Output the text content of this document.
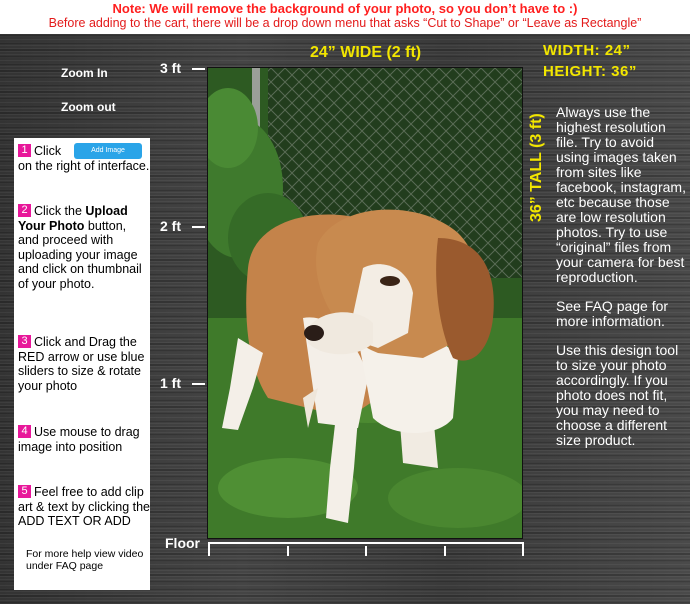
Note: We will remove the background of your photo, so you don’t have to :)
Before adding to the cart, there will be a drop down menu that asks “Cut to Shape” or “Leave as Rectangle”
Zoom In
Zoom out
3 ft
2 ft
1 ft
Floor
24” WIDE (2 ft)	WIDTH: 24”
HEIGHT: 36”
36” TALL (3 ft)

Always use the highest resolution file. Try to avoid using images taken from sites like facebook, instagram, etc because those are low resolution photos. Try to use “original” files from your camera for best reproduction.

See FAQ page for more information.

Use this design tool to size your photo accordingly. If you photo does not fit, you may need to choose a different size product.

Add Image
1 Click
on the right of interface.
2 Click the Upload Your Photo button, and proceed with uploading your image and click on thumbnail of your photo.
3 Click and Drag the RED arrow or use blue sliders to size & rotate your photo
4 Use mouse to drag image into position
5 Feel free to add clip art & text by clicking the ADD TEXT OR ADD
For more help view video under FAQ page
